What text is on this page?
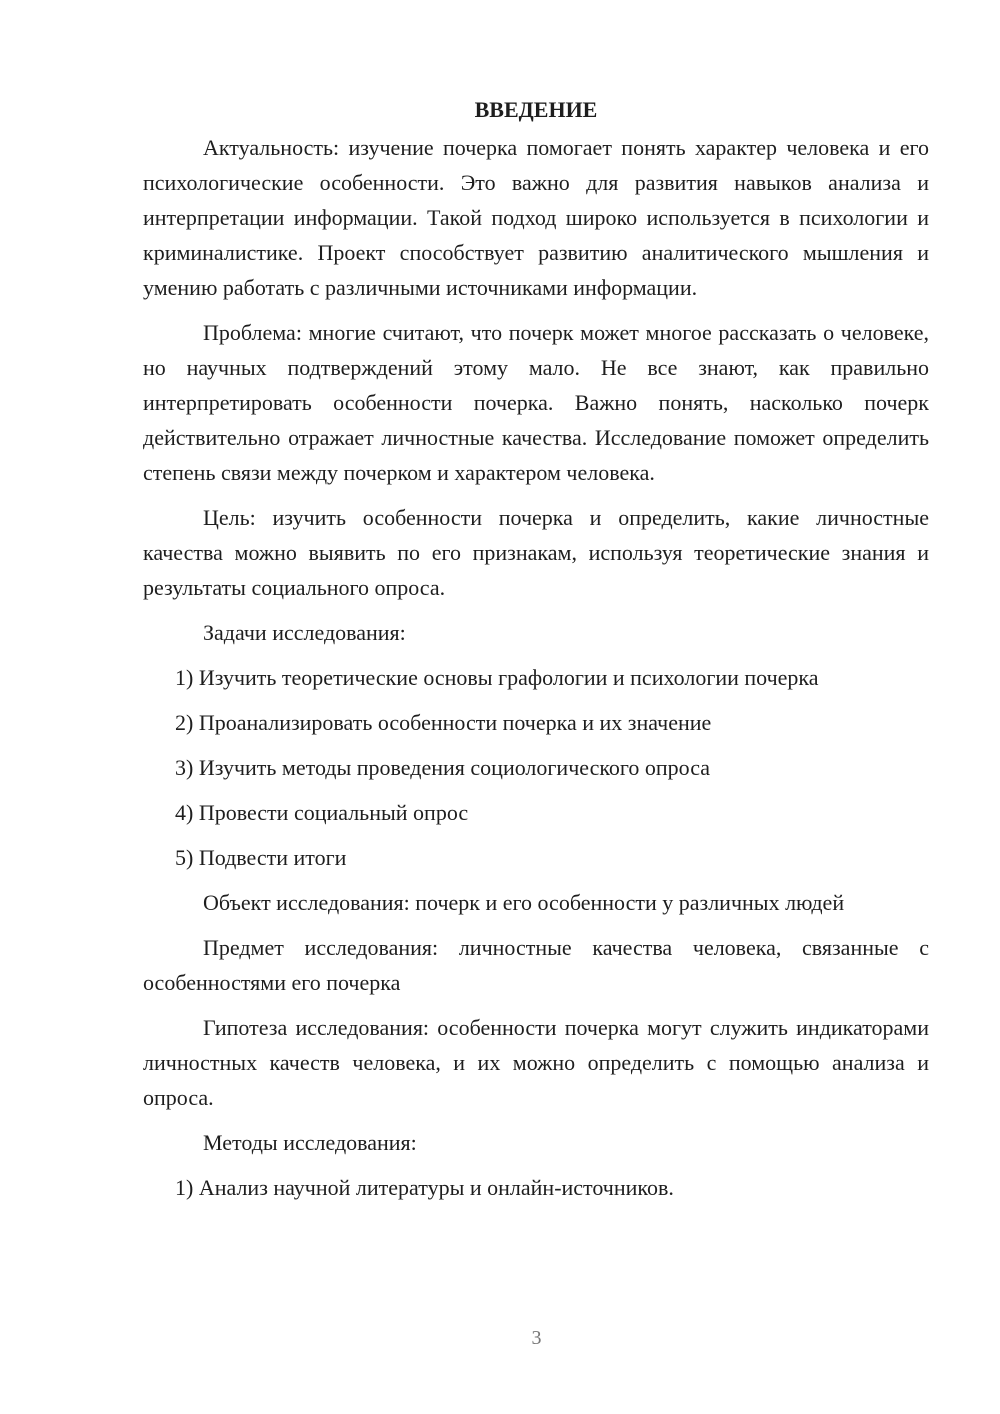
ВВЕДЕНИЕ

Актуальность: изучение почерка помогает понять характер человека и его психологические особенности. Это важно для развития навыков анализа и интерпретации информации. Такой подход широко используется в психологии и криминалистике. Проект способствует развитию аналитического мышления и умению работать с различными источниками информации.

Проблема: многие считают, что почерк может многое рассказать о человеке, но научных подтверждений этому мало. Не все знают, как правильно интерпретировать особенности почерка. Важно понять, насколько почерк действительно отражает личностные качества. Исследование поможет определить степень связи между почерком и характером человека.

Цель: изучить особенности почерка и определить, какие личностные качества можно выявить по его признакам, используя теоретические знания и результаты социального опроса.

Задачи исследования:

1) Изучить теоретические основы графологии и психологии почерка

2) Проанализировать особенности почерка и их значение

3) Изучить методы проведения социологического опроса

4) Провести социальный опрос

5) Подвести итоги

Объект исследования: почерк и его особенности у различных людей

Предмет исследования: личностные качества человека, связанные с особенностями его почерка

Гипотеза исследования: особенности почерка могут служить индикаторами личностных качеств человека, и их можно определить с помощью анализа и опроса.

Методы исследования:

1) Анализ научной литературы и онлайн-источников.

3
